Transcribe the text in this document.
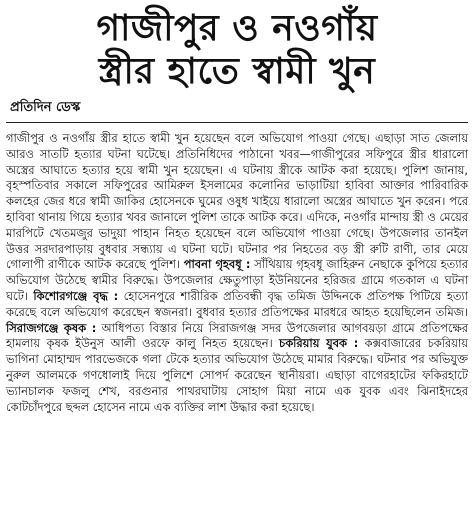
গাজীপুর ও নওগাঁয়
স্ত্রীর হাতে স্বামী খুন
প্রতিদিন ডেস্ক
গাজীপুর ও নওগাঁয় স্ত্রীর হাতে স্বামী খুন হয়েছেন বলে অভিযোগ পাওয়া গেছে। এছাড়া সাত জেলায় আরও সাতটি হত্যার ঘটনা ঘটেছে। প্রতিনিধিদের পাঠানো খবর—গাজীপুরের সফিপুরে স্ত্রীর ধারালো অস্ত্রের আঘাতে হত্যার হয়ে স্বামী খুন হয়েছেন। এ ঘটনায় স্ত্রীকে আটক করা হয়েছে। পুলিশ জানায়, বৃহস্পতিবার সকালে সফিপুরের আমিরুল ইসলামের কলোনির ভাড়াটিয়া হাবিবা আক্তার পারিবারিক কলহের জের ধরে স্বামী জাকির হোসেনকে ঘুমের ওষুধ খাইয়ে ধারালো অস্ত্রের আঘাতে খুন করেন। পরে হাবিবা থানায় গিয়ে হত্যার খবর জানালে পুলিশ তাকে আটক করে। এদিকে, নওগাঁর মান্দায় স্ত্রী ও মেয়ের মারপিটে খেতমজুর ভাদুয়া পাহান নিহত হয়েছেন বলে অভিযোগ পাওয়া গেছে। উপজেলার তানইল উত্তর সরদারপাড়ায় বুধবার সন্ধ্যায় এ ঘটনা ঘটে। ঘটনার পর নিহতের বড় স্ত্রী রুটি রাণী, তার মেয়ে গোলাপী রাণীকে আটক করেছে পুলিশ। পাবনা গৃহবধূ : সাঁথিয়ায় গৃহবধূ জাহিরুন নেছাকে কুপিয়ে হত্যার অভিযোগ উঠেছে স্বামীর বিরুদ্ধে। উপজেলার ক্ষেতুপাড়া ইউনিয়নের হরিজর গ্রামে গতকাল এ ঘটনা ঘটে। কিশোরগঞ্জে বৃদ্ধ : হোসেনপুরে শারীরিক প্রতিবন্ধী বৃদ্ধ তমিজ উদ্দিনকে প্রতিপক্ষ পিটিয়ে হত্যা করেছে বলে অভিযোগ করেছেন স্বজনরা। বুধবার হত্যার প্রতিপক্ষের মারধরে আহত হয়েছিলেন তমিজ। সিরাজগঞ্জে কৃষক : আধিপত্য বিস্তার নিয়ে সিরাজগঞ্জ সদর উপজেলার আগবয়ড়া গ্রামে প্রতিপক্ষের হামলায় কৃষক ইউনুস আলী ওরফে কালু নিহত হয়েছেন। চকরিয়ায় যুবক : কক্সবাজারের চকরিয়ায় ভাগিনা মোহাম্মদ পারভেজকে গলা টেকে হত্যার অভিযোগ উঠেছে মামার বিরুদ্ধে। ঘটনার পর অভিযুক্ত নুরুল আলমকে গণধোলাই দিয়ে পুলিশে সোপর্দ করেছেন স্থানীয়রা। এছাড়া বাগেরহাটের ফকিরহাটে ভ্যানচালক ফজলু শেখ, বরগুনার পাথরঘাটায় সোহাগ মিয়া নামে এক যুবক এবং ঝিনাইদহের কোটচাঁদপুরে ছব্দল হোসেন নামে এক ব্যক্তির লাশ উদ্ধার করা হয়েছে।
